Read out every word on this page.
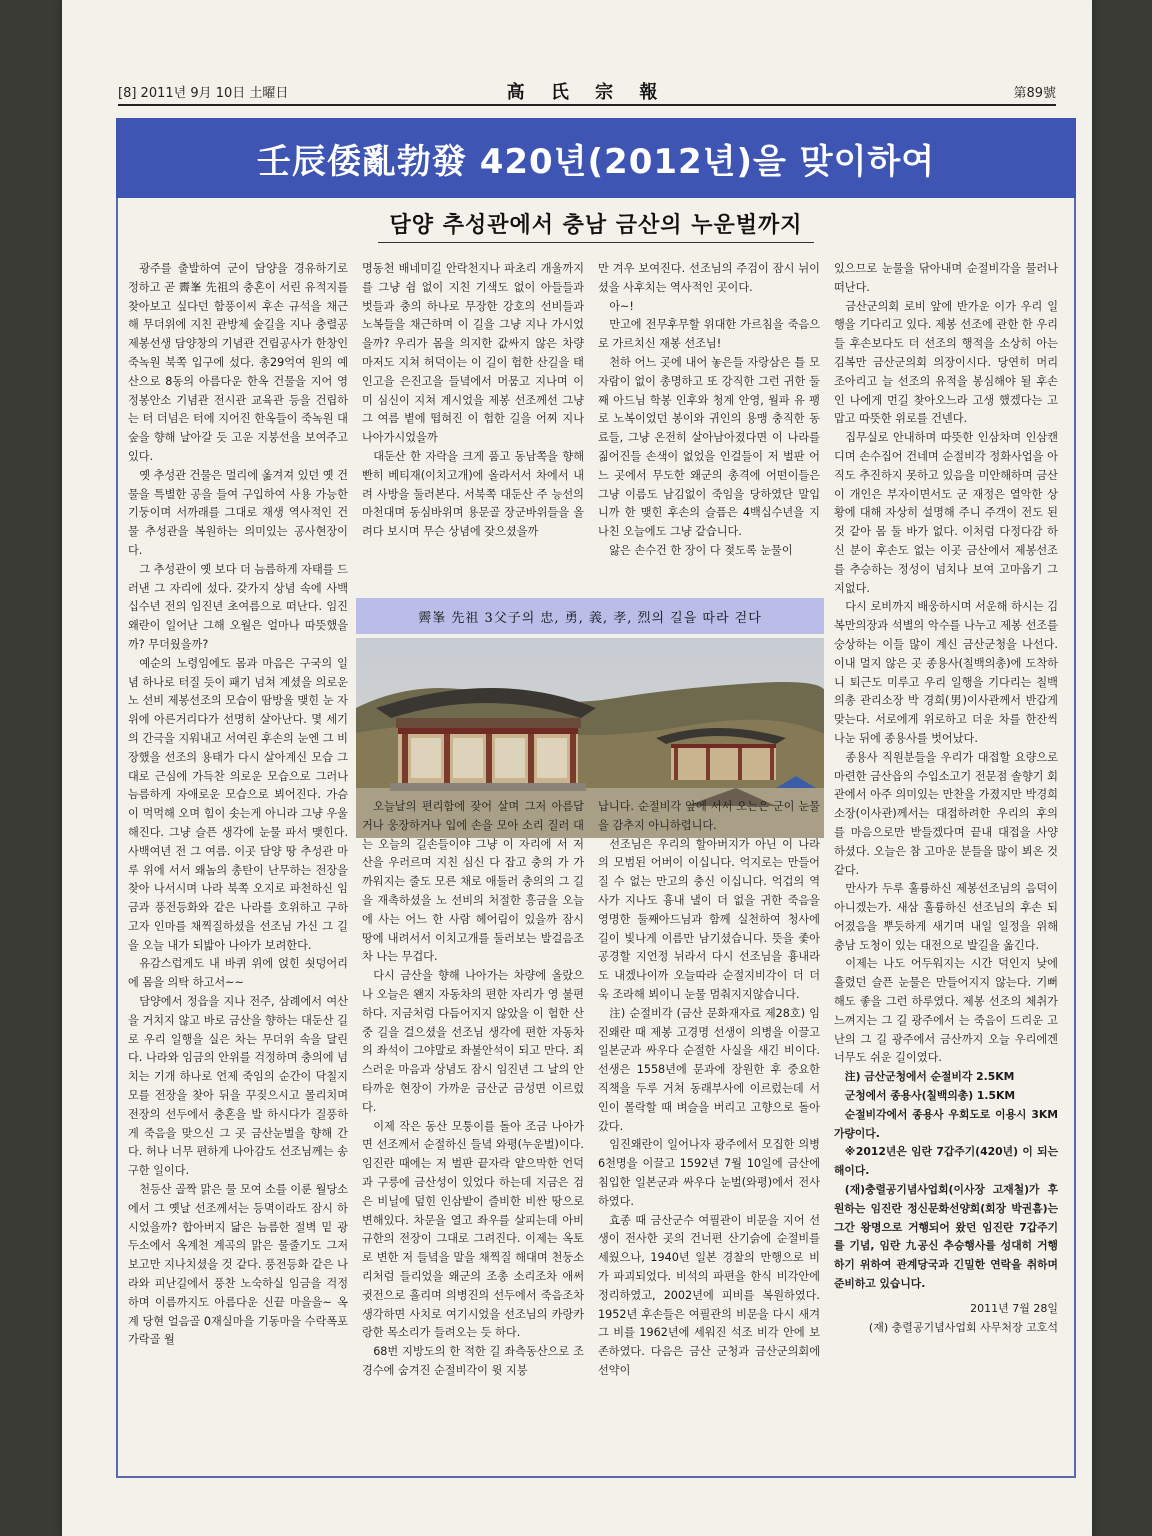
[8] 2011년 9月 10日 土曜日	高 氏 宗 報	第89號
壬辰倭亂勃發 420년(2012년)을 맞이하여
담양 추성관에서 충남 금산의 누운벌까지

광주를 출발하여 군이 담양을 경유하기로 정하고 곧 霽峯 先祖의 충혼이 서린 유적지를 찾아보고 싶다던 함풍이씨 후손 규석을 채근해 무더위에 지친 관방제 숲길을 지나 충렬공 제봉선생 담양창의 기념관 건립공사가 한창인 죽녹원 북쪽 입구에 섰다. 총29억여 원의 예산으로 8동의 아름다운 한옥 건물을 지어 영정봉안소 기념관 전시관 교육관 등을 건립하는 터 더넘은 터에 지어진 한옥들이 죽녹원 대숲을 향해 날아갈 듯 고운 지붕선을 보여주고 있다.

옛 추성관 건물은 멀리에 옮겨져 있던 옛 건물을 특별한 공을 들여 구입하여 사용 가능한 기둥이며 서까래를 그대로 재생 역사적인 건물 추성관을 복원하는 의미있는 공사현장이다.

그 추성관이 옛 보다 더 늠름하게 자태를 드러낸 그 자리에 섰다. 갖가지 상념 속에 사백십수년 전의 임진년 초여름으로 떠난다. 임진왜란이 일어난 그해 오월은 얼마나 따뜻했을까? 무더웠을까?

예순의 노령임에도 몸과 마음은 구국의 일념 하나로 터질 듯이 패기 넘쳐 계셨을 의로운 노 선비 제봉선조의 모습이 땀방울 맺힌 눈 자위에 아른거리다가 선명히 살아난다. 몇 세기의 간극을 지워내고 서여린 후손의 눈엔 그 비장했을 선조의 용태가 다시 살아계신 모습 그대로 근심에 가득찬 의로운 모습으로 그러나 늠름하게 자애로운 모습으로 뵈어진다. 가슴이 먹먹해 오며 힘이 솟는게 아니라 그냥 우울해진다. 그냥 슬픈 생각에 눈물 파서 맺힌다. 사백여년 전 그 여름. 이곳 담양 땅 추성관 마루 위에 서서 왜놈의 총탄이 난무하는 전장을 찾아 나서시며 나라 북쪽 오지로 파천하신 임금과 풍전등화와 같은 나라를 호위하고 구하고자 인마를 채찍질하셨을 선조님 가신 그 길을 오늘 내가 되밟아 나아가 보려한다.

유감스럽게도 내 바퀴 위에 얹힌 쇳덩어리에 몸을 의탁 하고서~~

담양에서 정읍을 지나 전주, 삼례에서 여산을 거치지 않고 바로 금산을 향하는 대둔산 길로 우리 일행을 실은 차는 무더위 속을 달린다. 나라와 임금의 안위를 걱정하며 충의에 넘치는 기개 하나로 언제 죽임의 순간이 닥칠지 모를 전장을 찾아 뒤을 꾸짖으시고 몰리치며 전장의 선두에서 충혼을 발 하시다가 질풍하게 죽음을 맞으신 그 곳 금산눈벌을 향해 간다. 허나 너무 편하게 나아감도 선조님께는 송구한 일이다.

천등산 골짝 맑은 물 모여 소를 이룬 월당소에서 그 옛날 선조께서는 등멱이라도 잠시 하시었을까? 합아버지 닮은 늠름한 절벽 밑 광두소에서 옥계천 계곡의 맑은 물줄기도 그저 보고만 지나치셨을 것 같다. 풍전등화 같은 나라와 피난길에서 풍찬 노숙하실 임금을 걱정하며 이름까지도 아름다운 신끝 마을을~ 옥계 당현 얼음골 0재실마을 기동마을 수락폭포 가락골 월

명동천 배네미길 안락천지나 파초리 개울까지를 그냥 쉼 없이 지친 기색도 없이 아들들과 벗들과 충의 하나로 무장한 강호의 선비들과 노복들을 채근하며 이 길을 그냥 지나 가시었을까? 우리가 몸을 의지한 값싸지 않은 차량 마저도 지쳐 허덕이는 이 길이 험한 산길을 태인고을 은진고을 들녘에서 머뭄고 지나며 이미 심신이 지쳐 계시었을 제봉 선조께선 그냥 그 여름 볕에 떱혀진 이 험한 길을 어찌 지나 나아가시었을까

대둔산 한 자락을 크게 품고 동남쪽을 향해 빤히 베티재(이치고개)에 올라서서 차에서 내려 사방을 둘러본다. 서북쪽 대둔산 주 능선의 마천대며 동심바위며 용문골 장군바위들을 올려다 보시며 무슨 상념에 잦으셨을까

만 겨우 보여진다. 선조님의 주검이 잠시 뉘이셨을 사후치는 역사적인 곳이다.

아~!

만고에 전무후무할 위대한 가르침을 죽음으로 가르치신 재봉 선조님!

천하 어느 곳에 내어 놓은들 자랑삼은 틀 모자람이 없이 총명하고 또 강직한 그런 귀한 둘째 아드님 학봉 인후와 청계 안영, 월파 유 팽로 노복이었던 봉이와 귀인의 용맹 충직한 동료들, 그냥 온전히 살아남아졌다면 이 나라를 짊어진들 손색이 없었을 인걸들이 저 벌판 어느 곳에서 무도한 왜군의 총격에 어떤이들은 그냥 이름도 남김없이 죽임을 당하였단 말입니까 한 맺힌 후손의 슬픔은 4백십수년을 지나친 오늘에도 그냥 같습니다.

앓은 손수건 한 장이 다 젖도록 눈물이

霽峯 先祖 3父子의 忠, 勇, 義, 孝, 烈의 길을 따라 걷다

오늘날의 편리함에 잦어 살며 그저 아름답거나 웅장하거나 입에 손을 모아 소리 질러 대는 오늘의 길손들이야 그냥 이 자리에 서 저 산을 우러르며 지친 심신 다 잡고 충의 가 가까워지는 줄도 모른 채로 애둘러 충의의 그 길을 재촉하셨을 노 선비의 처절한 흥금을 오늘에 사는 어느 한 사람 헤어림이 있을까 잠시 땅에 내려서서 이치고개를 둘러보는 발걸음조차 나는 무겁다.

다시 금산을 향해 나아가는 차량에 올랐으나 오늘은 왠지 자동차의 편한 자리가 영 불편하다. 지금처럼 다듬어지지 않았을 이 험한 산중 길을 걸으셨을 선조님 생각에 편한 자동차의 좌석이 그야말로 좌불안석이 되고 만다. 죄스러운 마음과 상념도 잠시 임진년 그 날의 안타까운 현장이 가까운 금산군 금성면 이르렀다.

이제 작은 동산 모퉁이를 돌아 조금 나아가면 선조께서 순절하신 들녘 와평(누운벌)이다. 임진란 때에는 저 벌판 끝자락 얕으막한 언덕과 구릉에 금산성이 있었다 하는데 지금은 검은 비닐에 덮힌 인삼밭이 즐비한 비싼 땅으로 변해있다. 차문을 열고 좌우를 살피는데 아비규한의 전장이 그대로 그려진다. 이제는 옥토로 변한 저 들녘을 말을 채찍질 해대며 천둥소리처럼 들리었을 왜군의 조총 소리조차 애써 귓전으로 흘리며 의병진의 선두에서 죽음조차 생각하면 사치로 여기시었을 선조님의 카랑카랑한 목소리가 들려오는 듯 하다.

68번 지방도의 한 적한 길 좌측동산으로 조경수에 숨겨진 순절비각이 윗 지붕

납니다. 순절비각 앞에 서서 오는은 군이 눈물을 감추지 아니하렵니다.

선조님은 우리의 할아버지가 아닌 이 나라의 모범된 어버이 이십니다. 억지로는 만들어질 수 없는 만고의 충신 이십니다. 억겁의 역사가 지나도 흉내 낼이 더 없을 귀한 죽음을 영명한 둘째아드님과 함께 실천하여 청사에 길이 빛나게 이름만 남기셨습니다. 뜻을 좇아 공경할 지언정 뉘라서 다시 선조님을 흉내라도 내겠나이까 오늘따라 순절지비각이 더 더욱 조라해 뵈이니 눈물 멈춰지지않습니다.

注) 순절비각 (금산 문화재자료 제28호) 임진왜란 때 제봉 고경명 선생이 의병을 이끌고 일본군과 싸우다 순절한 사실을 새긴 비이다. 선생은 1558년에 문과에 장원한 후 중요한 직책을 두루 거쳐 동래부사에 이르렀는데 서인이 몰락할 때 벼슬을 버리고 고향으로 돌아갔다.

임진왜란이 일어나자 광주에서 모집한 의병 6천명을 이끌고 1592년 7월 10일에 금산에 침입한 일본군과 싸우다 눈벌(와평)에서 전사하였다.

효종 때 금산군수 여필관이 비문을 지어 선생이 전사한 곳의 건너편 산기슭에 순절비를 세웠으나, 1940년 일본 경찰의 만행으로 비가 파괴되었다. 비석의 파편을 한식 비각안에 정리하였고, 2002년에 피비를 복원하였다. 1952년 후손들은 여필관의 비문을 다시 새겨 그 비를 1962년에 세워진 석조 비각 안에 보존하였다. 다음은 금산 군청과 금산군의회에 선약이

있으므로 눈물을 닦아내며 순절비각을 물러나 떠난다.

금산군의회 로비 앞에 반가운 이가 우리 일행을 기다리고 있다. 제봉 선조에 관한 한 우리들 후손보다도 더 선조의 행적을 소상히 아는 김복만 금산군의회 의장이시다. 당연히 머리 조아리고 늘 선조의 유적을 봉심해야 될 후손인 나에게 먼길 찾아오느라 고생 했겠다는 고맙고 따뜻한 위로를 건넨다.

집무실로 안내하며 따뜻한 인삼차며 인삼캔디며 손수집어 건네며 순절비각 정화사업을 아직도 추진하지 못하고 있음을 미안해하며 금산이 개인은 부자이면서도 군 재정은 열악한 상황에 대해 자상히 설명해 주니 주객이 전도 된 것 같아 몸 둘 바가 없다. 이처럼 다정다감 하신 분이 후손도 없는 이곳 금산에서 제봉선조를 추승하는 정성이 넘치나 보여 고마웁기 그지없다.

다시 로비까지 배웅하시며 서운해 하시는 김복만의장과 석별의 악수를 나누고 제봉 선조를 숭상하는 이들 많이 계신 금산군청을 나선다. 이내 멀지 않은 곳 종용사(칠백의총)에 도착하니 퇴근도 미루고 우리 일행을 기다리는 칠백의총 관리소장 박 경희(男)이사관께서 반갑게 맞는다. 서로에게 위로하고 더운 차를 한잔씩 나눈 뒤에 종용사를 벗어났다.

종용사 직원분들을 우리가 대접할 요량으로 마련한 금산읍의 수입소고기 전문점 솔향기 회관에서 아주 의미있는 만찬을 가졌지만 박경희소장(이사관)께서는 대접하려한 우리의 후의를 마음으로만 받들겠다며 끝내 대접을 사양 하셨다. 오늘은 참 고마운 분들을 많이 뵈온 것 같다.

만사가 두루 훌륭하신 제봉선조님의 음덕이 아니겠는가. 새삼 훌륭하신 선조님의 후손 되어졌음을 뿌듯하게 새기며 내일 일정을 위해 충남 도청이 있는 대전으로 발길을 옮긴다.

이제는 나도 어두워지는 시간 덕인지 낮에 흘렸던 슬픈 눈물은 만들어지지 않는다. 기뻐해도 좋을 그런 하루였다. 제봉 선조의 체취가 느껴지는 그 길 광주에서 는 죽음이 드리운 고난의 그 길 광주에서 금산까지 오늘 우리에겐 너무도 쉬운 길이였다.

注) 금산군청에서 순절비각 2.5KM

군청에서 종용사(칠백의총) 1.5KM

순절비각에서 종용사 우회도로 이용시 3KM 가량이다.

※2012년은 임란 7갑주기(420년) 이 되는 해이다.

(재)충렬공기념사업회(이사장 고재철)가 후원하는 임진란 정신문화선양회(회장 박권흠)는 그간 왕명으로 거행되어 왔던 임진란 7갑주기를 기념, 임란 九공신 추승행사를 성대히 거행하기 위하여 관계당국과 긴밀한 연락을 취하며 준비하고 있습니다.

2011년 7월 28일
(재) 충렬공기념사업회 사무처장 고호석
